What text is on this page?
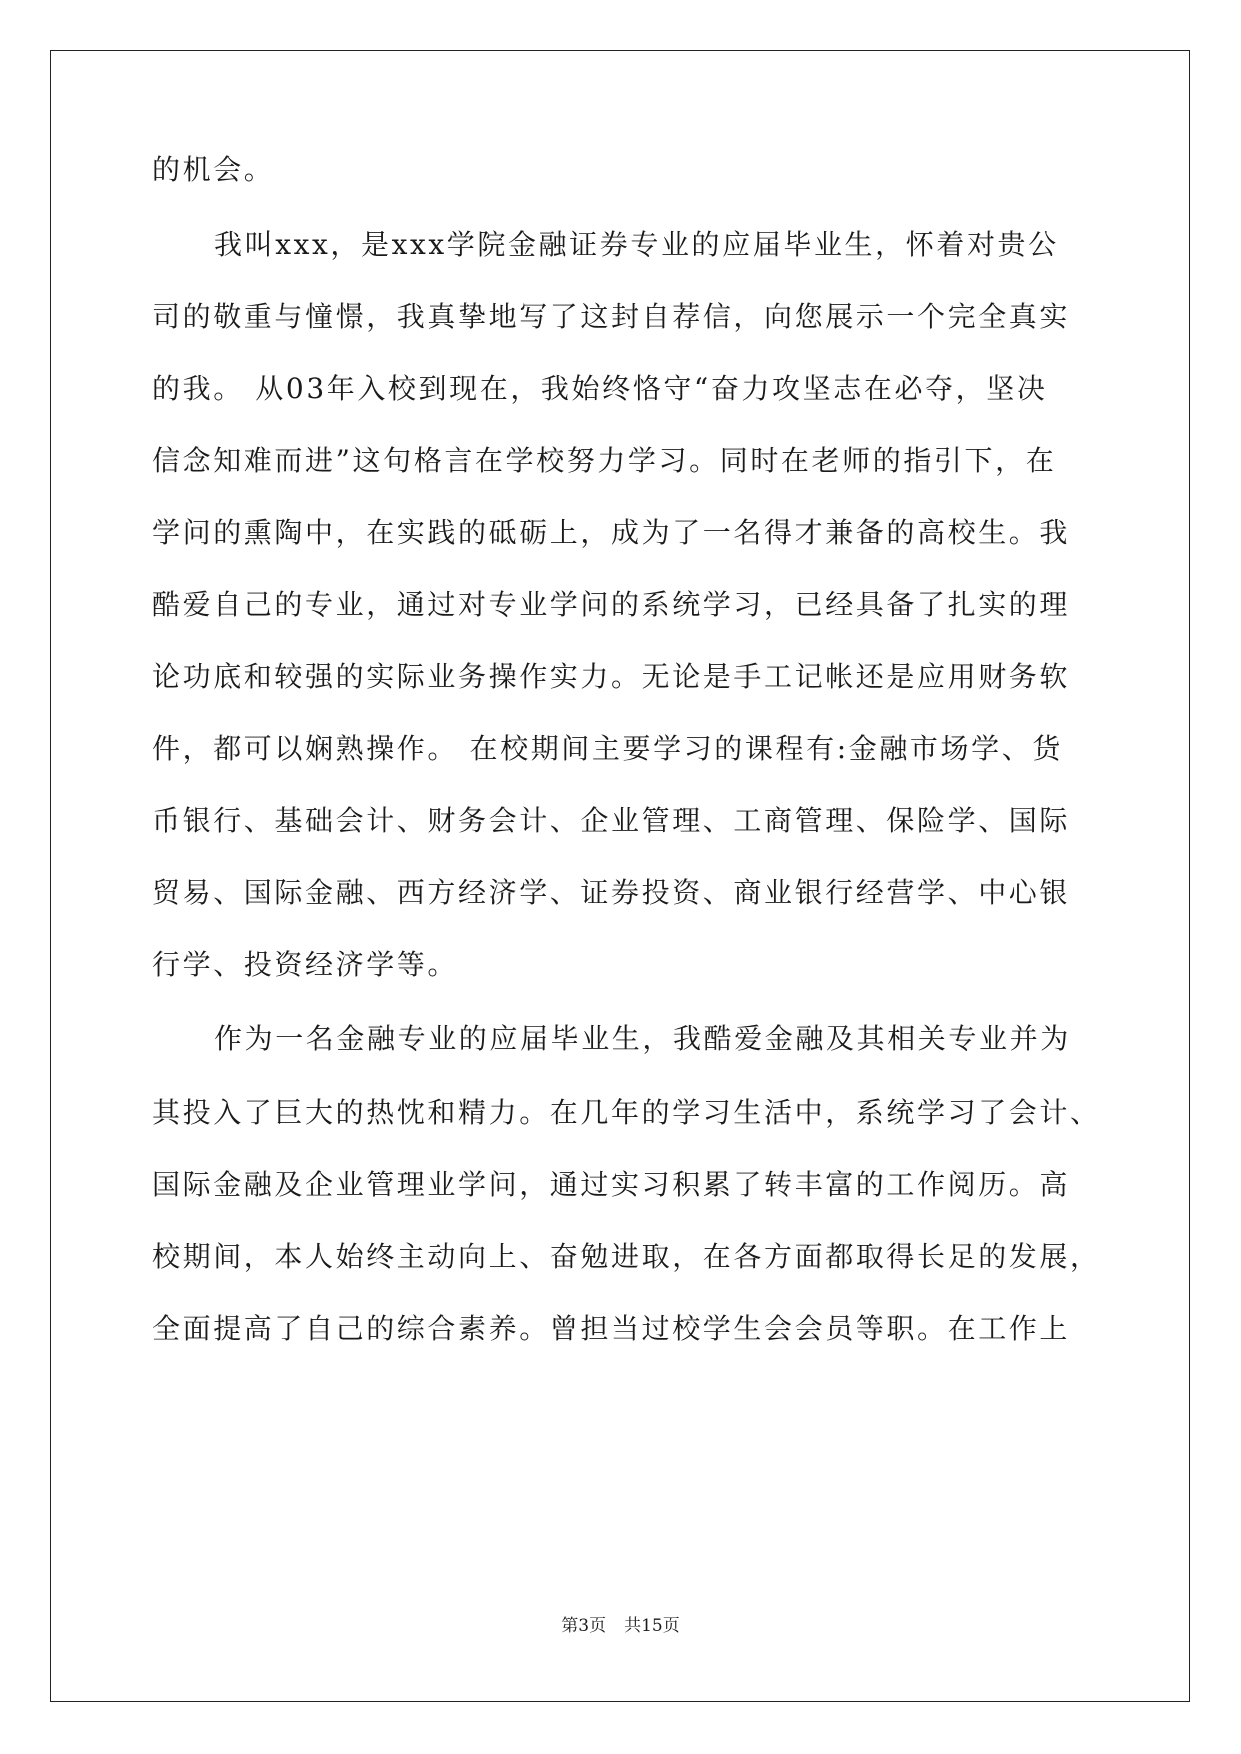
的机会。
我叫xxx，是xxx学院金融证券专业的应届毕业生，怀着对贵公
司的敬重与憧憬，我真挚地写了这封自荐信，向您展示一个完全真实
的我。 从03年入校到现在，我始终恪守“奋力攻坚志在必夺，坚决
信念知难而进”这句格言在学校努力学习。同时在老师的指引下，在
学问的熏陶中，在实践的砥砺上，成为了一名得才兼备的高校生。我
酷爱自己的专业，通过对专业学问的系统学习，已经具备了扎实的理
论功底和较强的实际业务操作实力。无论是手工记帐还是应用财务软
件，都可以娴熟操作。 在校期间主要学习的课程有:金融市场学、货
币银行、基础会计、财务会计、企业管理、工商管理、保险学、国际
贸易、国际金融、西方经济学、证券投资、商业银行经营学、中心银
行学、投资经济学等。
作为一名金融专业的应届毕业生，我酷爱金融及其相关专业并为
其投入了巨大的热忱和精力。在几年的学习生活中，系统学习了会计、
国际金融及企业管理业学问，通过实习积累了转丰富的工作阅历。高
校期间，本人始终主动向上、奋勉进取，在各方面都取得长足的发展，
全面提高了自己的综合素养。曾担当过校学生会会员等职。在工作上
第3页 共15页
